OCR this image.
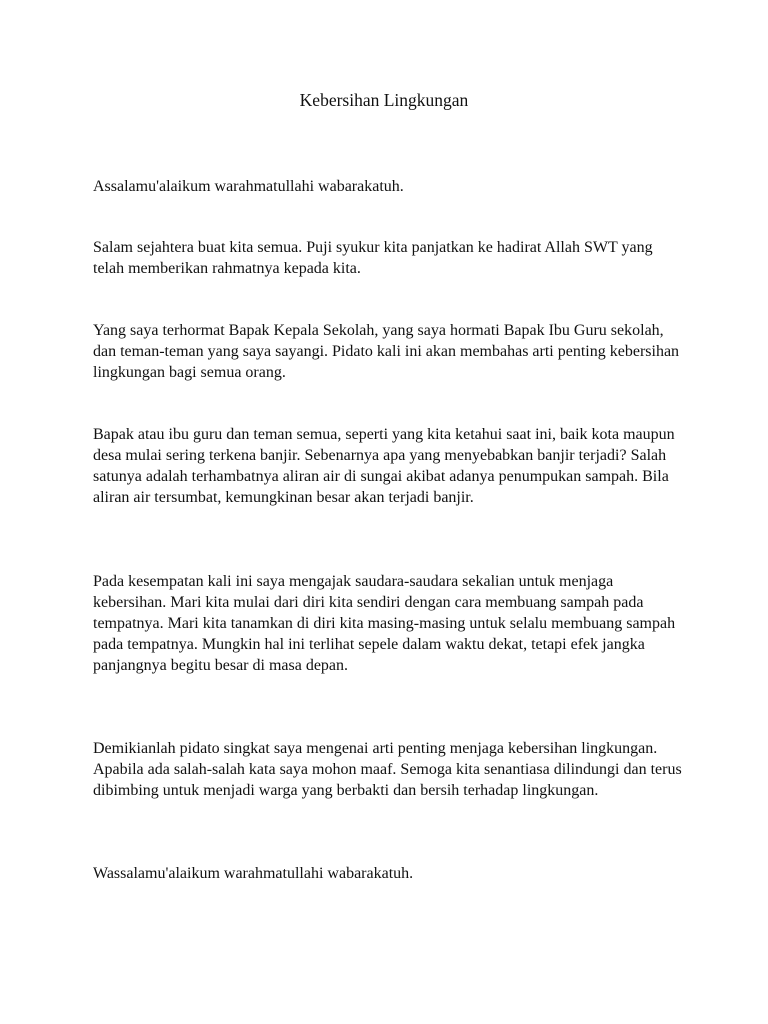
Kebersihan Lingkungan

Assalamu'alaikum warahmatullahi wabarakatuh.

Salam sejahtera buat kita semua. Puji syukur kita panjatkan ke hadirat Allah SWT yang telah memberikan rahmatnya kepada kita.

Yang saya terhormat Bapak Kepala Sekolah, yang saya hormati Bapak Ibu Guru sekolah, dan teman-teman yang saya sayangi. Pidato kali ini akan membahas arti penting kebersihan lingkungan bagi semua orang.

Bapak atau ibu guru dan teman semua, seperti yang kita ketahui saat ini, baik kota maupun desa mulai sering terkena banjir. Sebenarnya apa yang menyebabkan banjir terjadi? Salah satunya adalah terhambatnya aliran air di sungai akibat adanya penumpukan sampah. Bila aliran air tersumbat, kemungkinan besar akan terjadi banjir.

Pada kesempatan kali ini saya mengajak saudara-saudara sekalian untuk menjaga kebersihan. Mari kita mulai dari diri kita sendiri dengan cara membuang sampah pada tempatnya. Mari kita tanamkan di diri kita masing-masing untuk selalu membuang sampah pada tempatnya. Mungkin hal ini terlihat sepele dalam waktu dekat, tetapi efek jangka panjangnya begitu besar di masa depan.

Demikianlah pidato singkat saya mengenai arti penting menjaga kebersihan lingkungan. Apabila ada salah-salah kata saya mohon maaf. Semoga kita senantiasa dilindungi dan terus dibimbing untuk menjadi warga yang berbakti dan bersih terhadap lingkungan.

Wassalamu'alaikum warahmatullahi wabarakatuh.
